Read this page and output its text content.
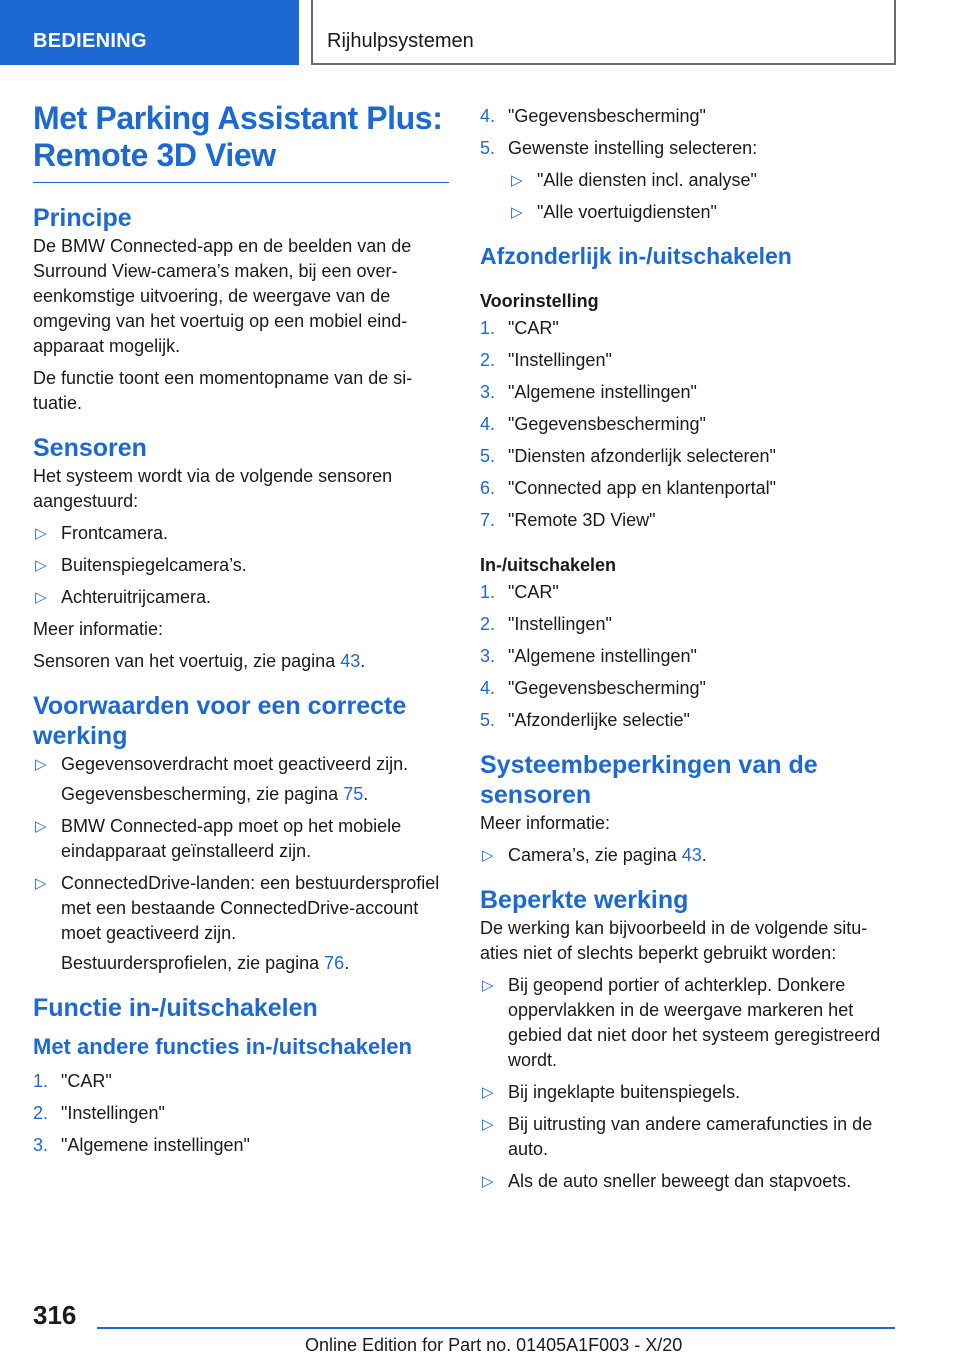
BEDIENING	Rijhulpsystemen
Met Parking Assistant Plus: Remote 3D View
Principe

De BMW Connected-app en de beelden van de Surround View-camera’s maken, bij een overeenkomstige uitvoering, de weergave van de omgeving van het voertuig op een mobiel eindapparaat mogelijk.

De functie toont een momentopname van de situatie.

Sensoren

Het systeem wordt via de volgende sensoren aangestuurd:

▷ Frontcamera.
▷ Buitenspiegelcamera’s.
▷ Achteruitrijcamera.

Meer informatie:

Sensoren van het voertuig, zie pagina 43.

Voorwaarden voor een correcte werking
▷ Gegevensoverdracht moet geactiveerd zijn.
Gegevensbescherming, zie pagina 75.
▷ BMW Connected-app moet op het mobiele eindapparaat geïnstalleerd zijn.
▷ ConnectedDrive-landen: een bestuurdersprofiel met een bestaande ConnectedDrive-account moet geactiveerd zijn.
Bestuurdersprofielen, zie pagina 76.
Functie in-/uitschakelen
Met andere functies in-/uitschakelen
1. "CAR"
2. "Instellingen"
3. "Algemene instellingen"
4. "Gegevensbescherming"
5. Gewenste instelling selecteren:
▷ "Alle diensten incl. analyse"
▷ "Alle voertuigdiensten"
Afzonderlijk in-/uitschakelen
Voorinstelling
1. "CAR"
2. "Instellingen"
3. "Algemene instellingen"
4. "Gegevensbescherming"
5. "Diensten afzonderlijk selecteren"
6. "Connected app en klantenportal"
7. "Remote 3D View"
In-/uitschakelen
1. "CAR"
2. "Instellingen"
3. "Algemene instellingen"
4. "Gegevensbescherming"
5. "Afzonderlijke selectie"
Systeembeperkingen van de sensoren

Meer informatie:

▷ Camera’s, zie pagina 43.
Beperkte werking

De werking kan bijvoorbeeld in de volgende situaties niet of slechts beperkt gebruikt worden:

▷ Bij geopend portier of achterklep. Donkere oppervlakken in de weergave markeren het gebied dat niet door het systeem geregistreerd wordt.
▷ Bij ingeklapte buitenspiegels.
▷ Bij uitrusting van andere camerafuncties in de auto.
▷ Als de auto sneller beweegt dan stapvoets.
316
Online Edition for Part no. 01405A1F003 - X/20
